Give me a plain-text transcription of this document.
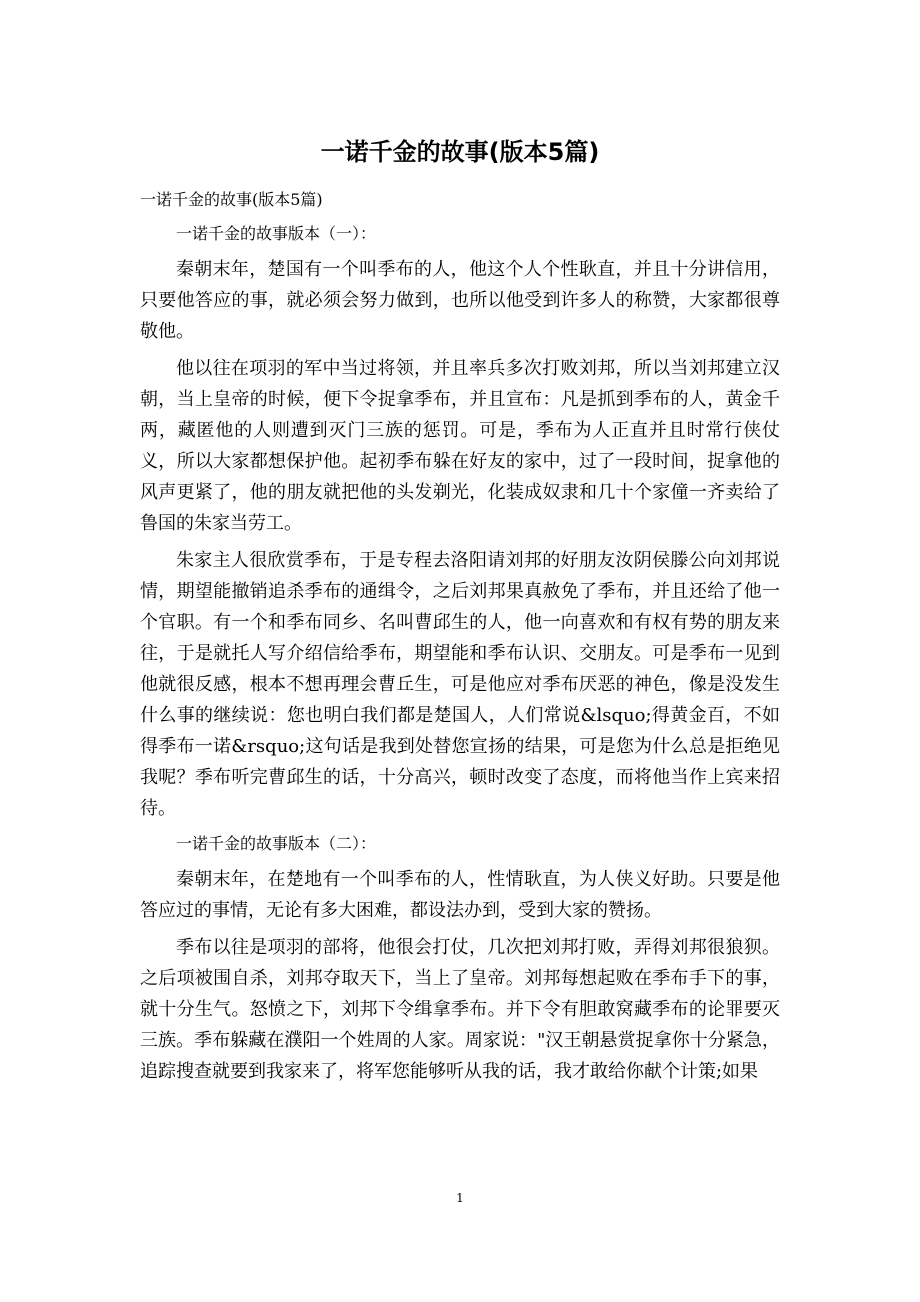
一诺千金的故事(版本5篇)

一诺千金的故事(版本5篇)

一诺千金的故事版本（一）：

秦朝末年，楚国有一个叫季布的人，他这个人个性耿直，并且十分讲信用，只要他答应的事，就必须会努力做到，也所以他受到许多人的称赞，大家都很尊敬他。

他以往在项羽的军中当过将领，并且率兵多次打败刘邦，所以当刘邦建立汉朝，当上皇帝的时候，便下令捉拿季布，并且宣布：凡是抓到季布的人，黄金千两，藏匿他的人则遭到灭门三族的惩罚。可是，季布为人正直并且时常行侠仗义，所以大家都想保护他。起初季布躲在好友的家中，过了一段时间，捉拿他的风声更紧了，他的朋友就把他的头发剃光，化装成奴隶和几十个家僮一齐卖给了鲁国的朱家当劳工。

朱家主人很欣赏季布，于是专程去洛阳请刘邦的好朋友汝阴侯滕公向刘邦说情，期望能撤销追杀季布的通缉令，之后刘邦果真赦免了季布，并且还给了他一个官职。有一个和季布同乡、名叫曹邱生的人，他一向喜欢和有权有势的朋友来往，于是就托人写介绍信给季布，期望能和季布认识、交朋友。可是季布一见到他就很反感，根本不想再理会曹丘生，可是他应对季布厌恶的神色，像是没发生什么事的继续说：您也明白我们都是楚国人，人们常说&lsquo;得黄金百，不如得季布一诺&rsquo;这句话是我到处替您宣扬的结果，可是您为什么总是拒绝见我呢？季布听完曹邱生的话，十分高兴，顿时改变了态度，而将他当作上宾来招待。

一诺千金的故事版本（二）：

秦朝末年，在楚地有一个叫季布的人，性情耿直，为人侠义好助。只要是他答应过的事情，无论有多大困难，都设法办到，受到大家的赞扬。

季布以往是项羽的部将，他很会打仗，几次把刘邦打败，弄得刘邦很狼狈。之后项被围自杀，刘邦夺取天下，当上了皇帝。刘邦每想起败在季布手下的事，就十分生气。怒愤之下，刘邦下令缉拿季布。并下令有胆敢窝藏季布的论罪要灭三族。季布躲藏在濮阳一个姓周的人家。周家说："汉王朝悬赏捉拿你十分紧急，追踪搜查就要到我家来了，将军您能够听从我的话，我才敢给你献个计策;如果

1
